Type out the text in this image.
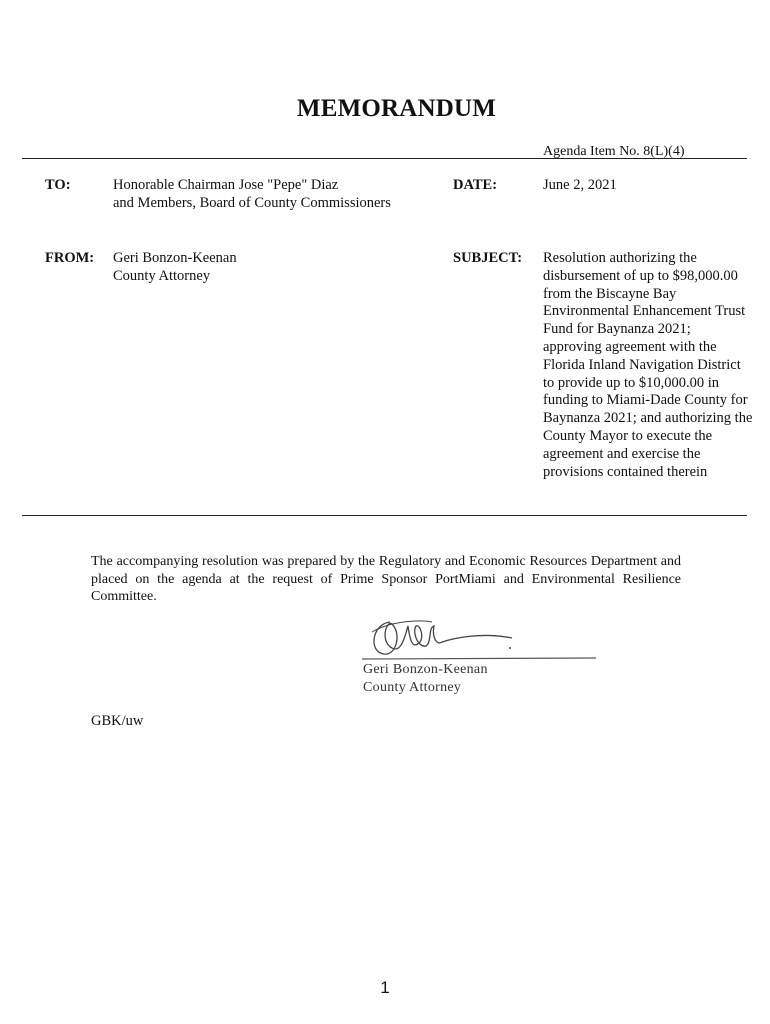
MEMORANDUM
Agenda Item No. 8(L)(4)
TO:	Honorable Chairman Jose "Pepe" Diaz
and Members, Board of County Commissioners
DATE:	June 2, 2021
FROM: Geri Bonzon-Keenan
County Attorney
SUBJECT: Resolution authorizing the disbursement of up to $98,000.00 from the Biscayne Bay Environmental Enhancement Trust Fund for Baynanza 2021; approving agreement with the Florida Inland Navigation District to provide up to $10,000.00 in funding to Miami-Dade County for Baynanza 2021; and authorizing the County Mayor to execute the agreement and exercise the provisions contained therein
The accompanying resolution was prepared by the Regulatory and Economic Resources Department and placed on the agenda at the request of Prime Sponsor PortMiami and Environmental Resilience Committee.
Geri Bonzon-Keenan
County Attorney
GBK/uw
1
